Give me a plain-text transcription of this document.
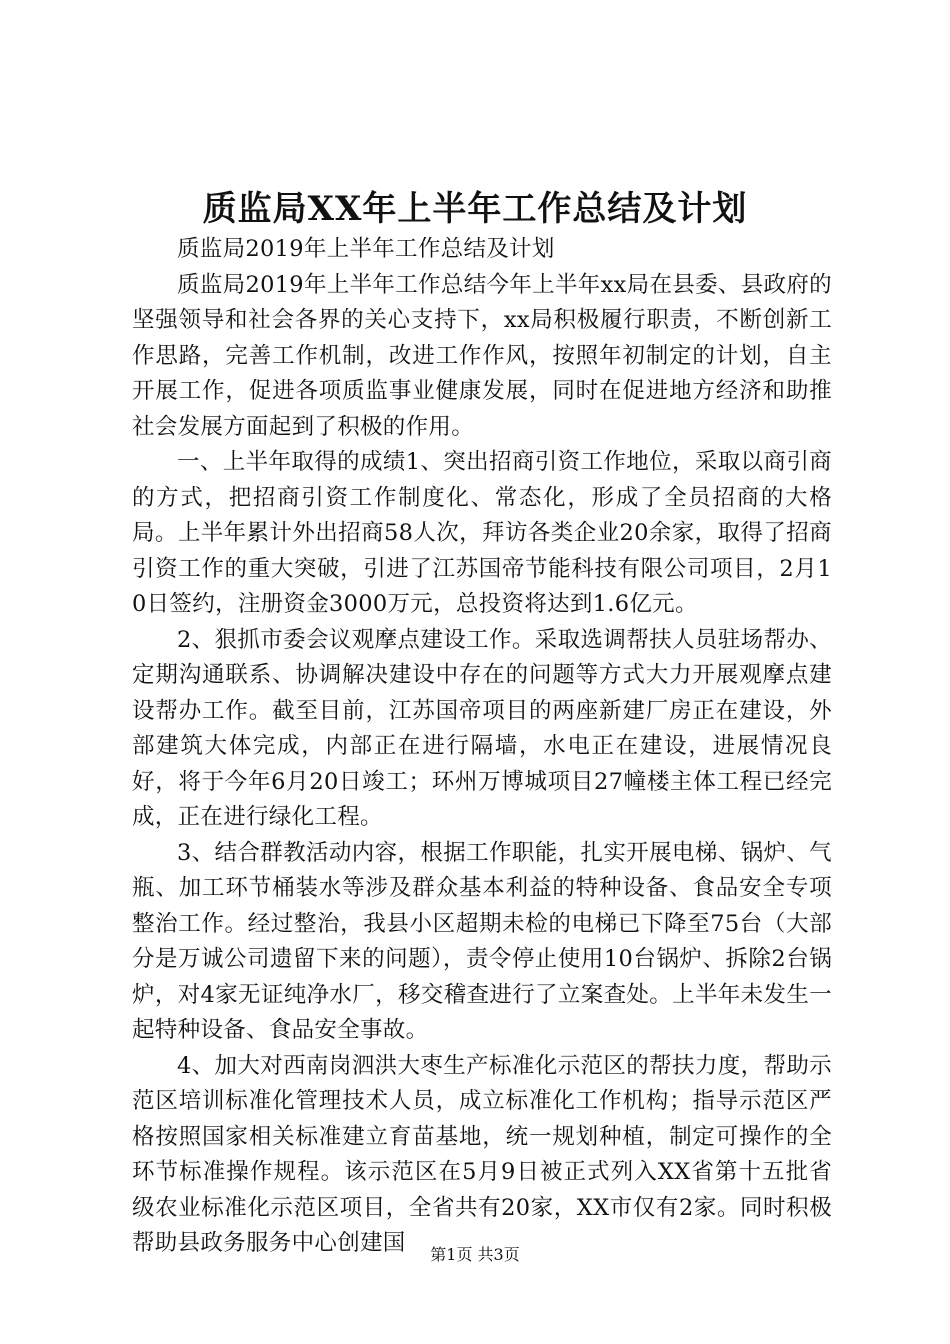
质监局XX年上半年工作总结及计划

质监局2019年上半年工作总结及计划

质监局2019年上半年工作总结今年上半年xx局在县委、县政府的坚强领导和社会各界的关心支持下，xx局积极履行职责，不断创新工作思路，完善工作机制，改进工作作风，按照年初制定的计划，自主开展工作，促进各项质监事业健康发展，同时在促进地方经济和助推社会发展方面起到了积极的作用。

一、上半年取得的成绩1、突出招商引资工作地位，采取以商引商的方式，把招商引资工作制度化、常态化，形成了全员招商的大格局。上半年累计外出招商58人次，拜访各类企业20余家，取得了招商引资工作的重大突破，引进了江苏国帝节能科技有限公司项目，2月10日签约，注册资金3000万元，总投资将达到1.6亿元。

2、狠抓市委会议观摩点建设工作。采取选调帮扶人员驻场帮办、定期沟通联系、协调解决建设中存在的问题等方式大力开展观摩点建设帮办工作。截至目前，江苏国帝项目的两座新建厂房正在建设，外部建筑大体完成，内部正在进行隔墙，水电正在建设，进展情况良好，将于今年6月20日竣工；环州万博城项目27幢楼主体工程已经完成，正在进行绿化工程。

3、结合群教活动内容，根据工作职能，扎实开展电梯、锅炉、气瓶、加工环节桶装水等涉及群众基本利益的特种设备、食品安全专项整治工作。经过整治，我县小区超期未检的电梯已下降至75台（大部分是万诚公司遗留下来的问题），责令停止使用10台锅炉、拆除2台锅炉，对4家无证纯净水厂，移交稽查进行了立案查处。上半年未发生一起特种设备、食品安全事故。

4、加大对西南岗泗洪大枣生产标准化示范区的帮扶力度，帮助示范区培训标准化管理技术人员，成立标准化工作机构；指导示范区严格按照国家相关标准建立育苗基地，统一规划种植，制定可操作的全环节标准操作规程。该示范区在5月9日被正式列入XX省第十五批省级农业标准化示范区项目，全省共有20家，XX市仅有2家。同时积极帮助县政务服务中心创建国	第1页 共3页
